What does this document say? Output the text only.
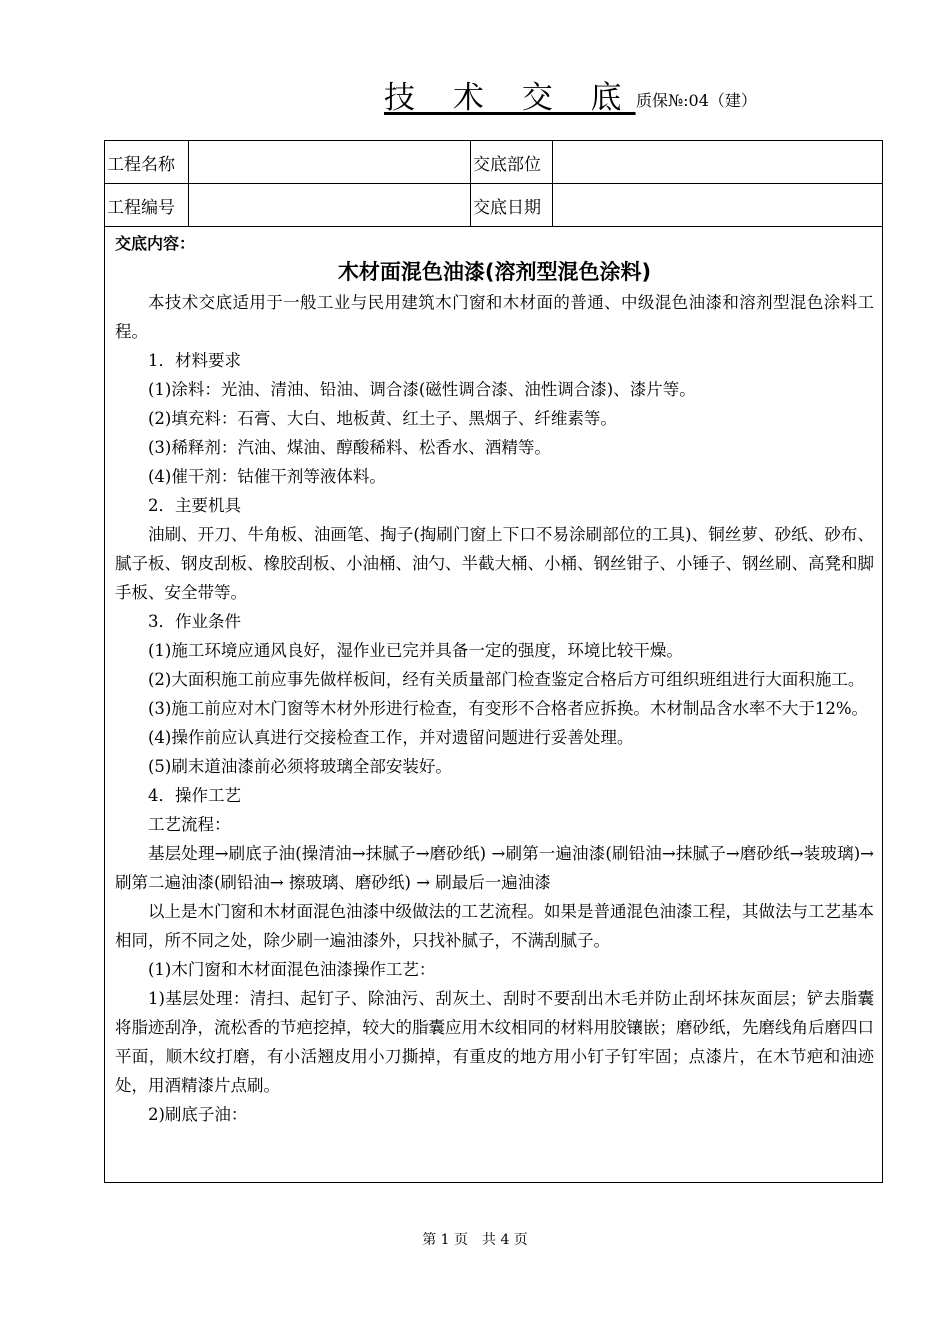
技 术 交 底 质保№:04（建）
工程名称	交底部位
工程编号	交底日期
交底内容：
木材面混色油漆(溶剂型混色涂料)

本技术交底适用于一般工业与民用建筑木门窗和木材面的普通、中级混色油漆和溶剂型混色涂料工程。

1．材料要求

(1)涂料：光油、清油、铅油、调合漆(磁性调合漆、油性调合漆)、漆片等。

(2)填充料：石膏、大白、地板黄、红土子、黑烟子、纤维素等。

(3)稀释剂：汽油、煤油、醇酸稀料、松香水、酒精等。

(4)催干剂：钴催干剂等液体料。

2．主要机具

油刷、开刀、牛角板、油画笔、掏子(掏刷门窗上下口不易涂刷部位的工具)、铜丝萝、砂纸、砂布、腻子板、钢皮刮板、橡胶刮板、小油桶、油勺、半截大桶、小桶、钢丝钳子、小锤子、钢丝刷、高凳和脚手板、安全带等。

3．作业条件

(1)施工环境应通风良好，湿作业已完并具备一定的强度，环境比较干燥。

(2)大面积施工前应事先做样板间，经有关质量部门检查鉴定合格后方可组织班组进行大面积施工。

(3)施工前应对木门窗等木材外形进行检查，有变形不合格者应拆换。木材制品含水率不大于12%。

(4)操作前应认真进行交接检查工作，并对遗留问题进行妥善处理。

(5)刷末道油漆前必须将玻璃全部安装好。

4．操作工艺

工艺流程：

基层处理→刷底子油(操清油→抹腻子→磨砂纸) →刷第一遍油漆(刷铅油→抹腻子→磨砂纸→装玻璃)→刷第二遍油漆(刷铅油→ 擦玻璃、磨砂纸) → 刷最后一遍油漆

以上是木门窗和木材面混色油漆中级做法的工艺流程。如果是普通混色油漆工程，其做法与工艺基本相同，所不同之处，除少刷一遍油漆外，只找补腻子，不满刮腻子。

(1)木门窗和木材面混色油漆操作工艺：

1)基层处理：清扫、起钉子、除油污、刮灰土、刮时不要刮出木毛并防止刮坏抹灰面层；铲去脂囊将脂迹刮净，流松香的节疤挖掉，较大的脂囊应用木纹相同的材料用胶镶嵌；磨砂纸，先磨线角后磨四口平面，顺木纹打磨，有小活翘皮用小刀撕掉，有重皮的地方用小钉子钉牢固；点漆片，在木节疤和油迹处，用酒精漆片点刷。

2)刷底子油：

第 1 页　共 4 页
